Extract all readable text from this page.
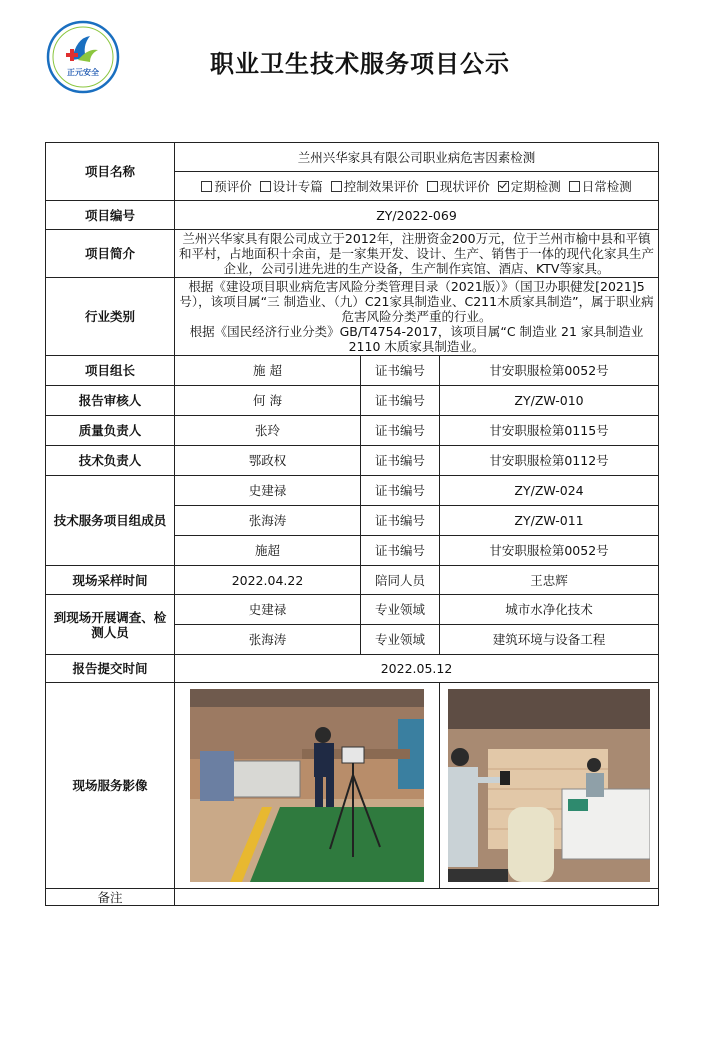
正元安全	职业卫生技术服务项目公示
项目名称	兰州兴华家具有限公司职业病危害因素检测		
	预评价 设计专篇 控制效果评价 现状评价 定期检测 日常检测		
项目编号	ZY/2022-069		
项目简介	兰州兴华家具有限公司成立于2012年，注册资金200万元，位于兰州市榆中县和平镇和平村，占地面积十余亩，是一家集开发、设计、生产、销售于一体的现代化家具生产企业，公司引进先进的生产设备，生产制作宾馆、酒店、KTV等家具。		
行业类别	根据《建设项目职业病危害风险分类管理目录（2021版）》（国卫办职健发[2021]5号），该项目属“三 制造业、（九）C21家具制造业、C211木质家具制造”，属于职业病危害风险分类严重的行业。
根据《国民经济行业分类》GB/T4754-2017，该项目属“C 制造业 21 家具制造业 2110 木质家具制造业。		

项目组长	施 超	证书编号	甘安职服检第0052号
报告审核人	何 海	证书编号	ZY/ZW-010
质量负责人	张玲	证书编号	甘安职服检第0115号
技术负责人	鄂政权	证书编号	甘安职服检第0112号
技术服务项目组成员	史建禄	证书编号	ZY/ZW-024
	张海涛	证书编号	ZY/ZW-011
	施超	证书编号	甘安职服检第0052号
现场采样时间	2022.04.22	陪同人员	王忠辉
到现场开展调查、检测人员	史建禄	专业领域	城市水净化技术
	张海涛	专业领域	建筑环境与设备工程
报告提交时间	2022.05.12		
现场服务影像	

备注			
